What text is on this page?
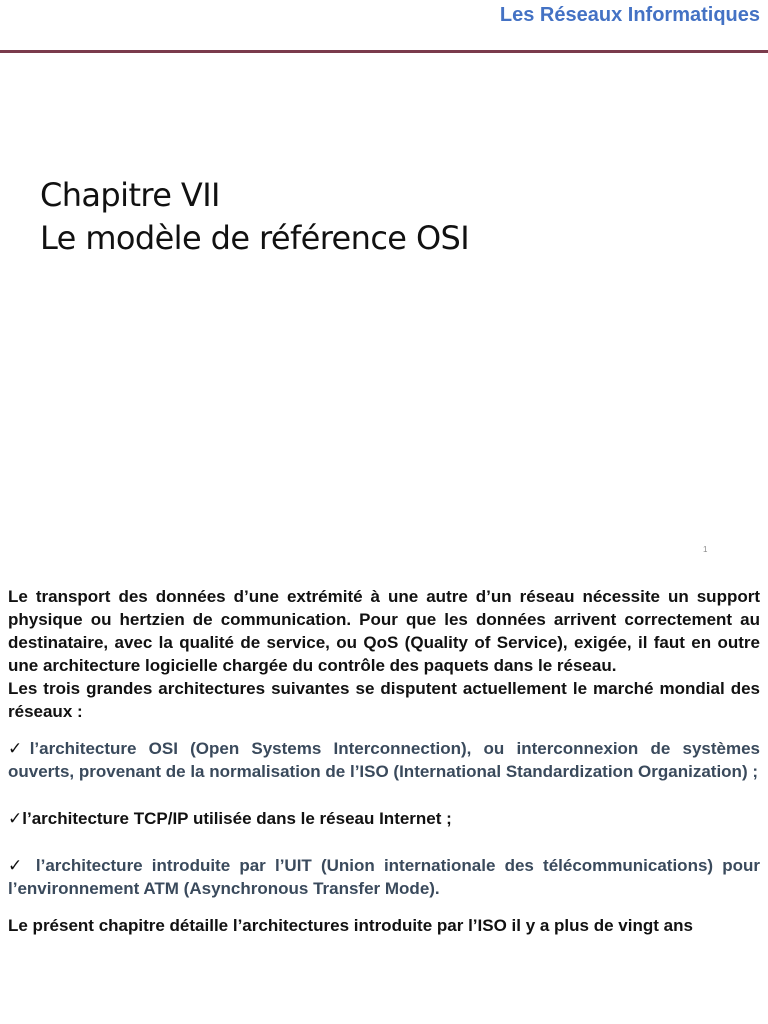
Les Réseaux Informatiques
Chapitre VII
Le modèle de référence OSI
1

Le transport des données d’une extrémité à une autre d’un réseau nécessite un support physique ou hertzien de communication. Pour que les données arrivent correctement au destinataire, avec la qualité de service, ou QoS (Quality of Service), exigée, il faut en outre une architecture logicielle chargée du contrôle des paquets dans le réseau.

Les trois grandes architectures suivantes se disputent actuellement le marché mondial des réseaux :

✓l’architecture OSI (Open Systems Interconnection), ou interconnexion de systèmes ouverts, provenant de la normalisation de l’ISO (International Standardization Organization) ;

✓l’architecture TCP/IP utilisée dans le réseau Internet ;

✓ l’architecture introduite par l’UIT (Union internationale des télécommunications) pour l’environnement ATM (Asynchronous Transfer Mode).

Le présent chapitre détaille l’architectures introduite par l’ISO il y a plus de vingt ans
